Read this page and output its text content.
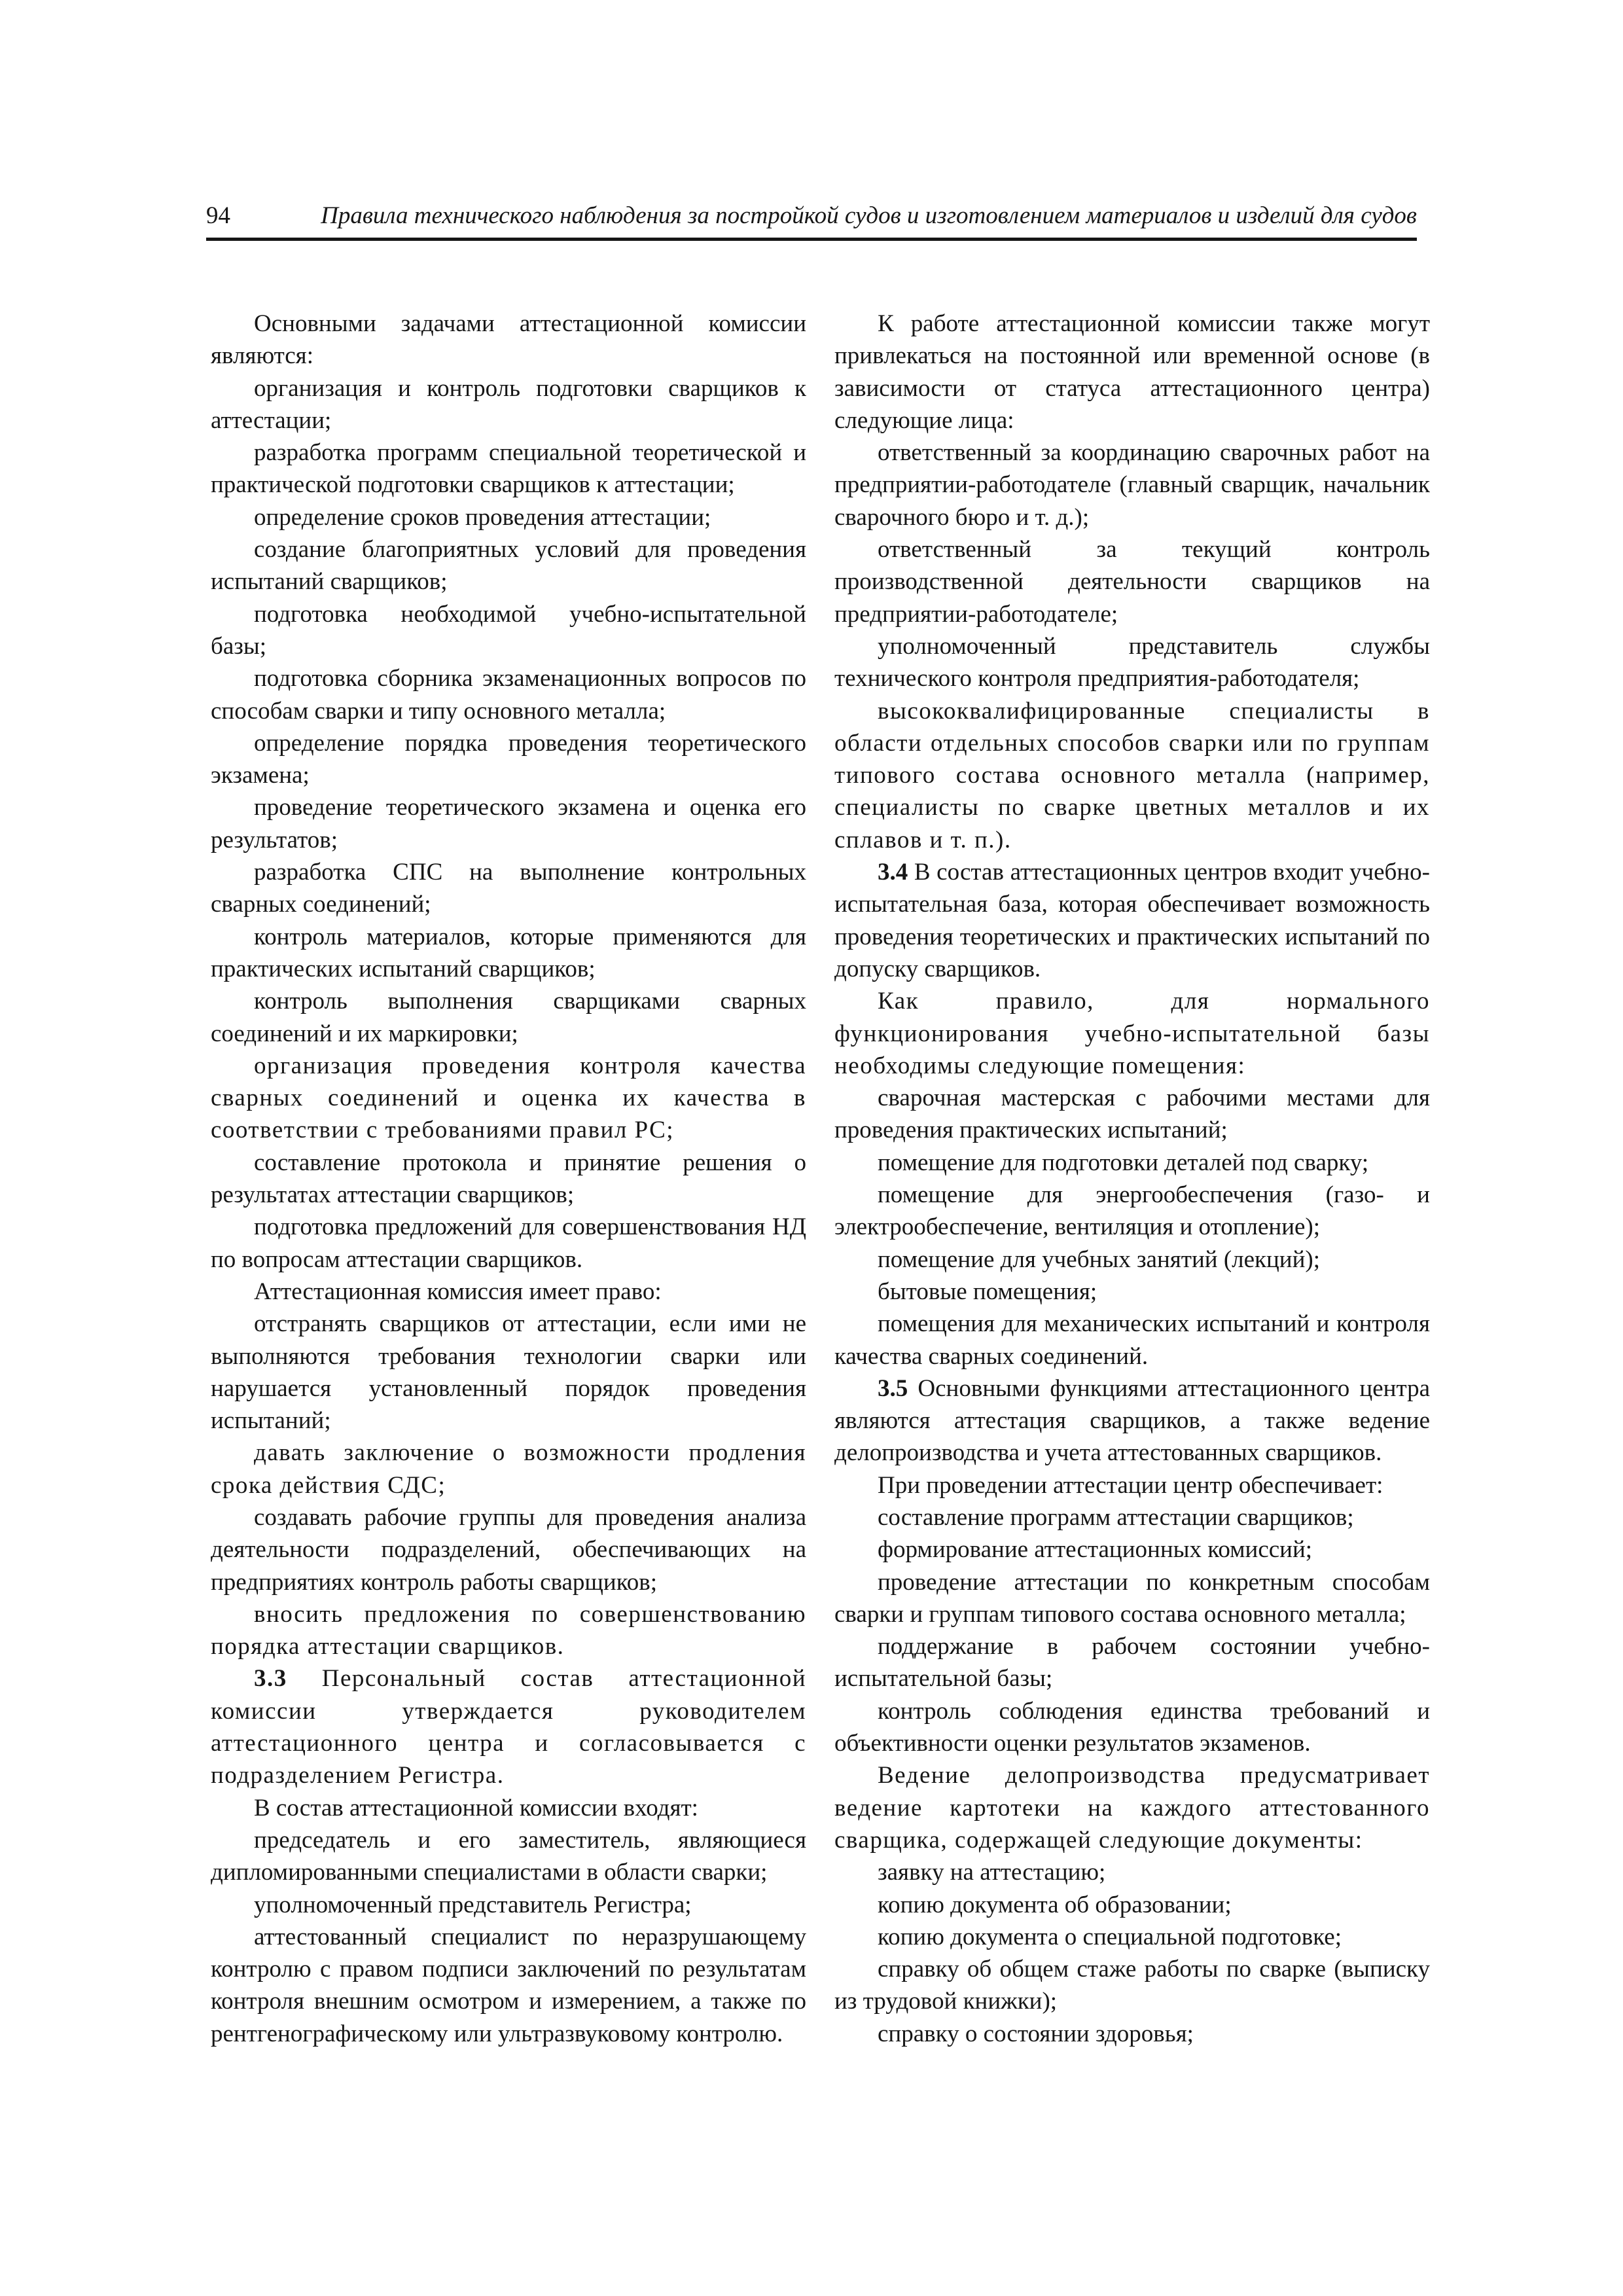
94	Правила технического наблюдения за постройкой судов и изготовлением материалов и изделий для судов

Основными задачами аттестационной комиссии являются:

организация и контроль подготовки сварщиков к аттестации;

разработка программ специальной теоретической и практической подготовки сварщиков к аттестации;

определение сроков проведения аттестации;

создание благоприятных условий для проведения испытаний сварщиков;

подготовка необходимой учебно-испытательной базы;

подготовка сборника экзаменационных вопросов по способам сварки и типу основного металла;

определение порядка проведения теоретического экзамена;

проведение теоретического экзамена и оценка его результатов;

разработка СПС на выполнение контрольных сварных соединений;

контроль материалов, которые применяются для практических испытаний сварщиков;

контроль выполнения сварщиками сварных соединений и их маркировки;

организация проведения контроля качества сварных соединений и оценка их качества в соответствии с требованиями правил РС;

составление протокола и принятие решения о результатах аттестации сварщиков;

подготовка предложений для совершенствования НД по вопросам аттестации сварщиков.

Аттестационная комиссия имеет право:

отстранять сварщиков от аттестации, если ими не выполняются требования технологии сварки или нарушается установленный порядок проведения испытаний;

давать заключение о возможности продления срока действия СДС;

создавать рабочие группы для проведения анализа деятельности подразделений, обеспечивающих на предприятиях контроль работы сварщиков;

вносить предложения по совершенствованию порядка аттестации сварщиков.

3.3 Персональный состав аттестационной комиссии утверждается руководителем аттестационного центра и согласовывается с подразделением Регистра.

В состав аттестационной комиссии входят:

председатель и его заместитель, являющиеся дипломированными специалистами в области сварки;

уполномоченный представитель Регистра;

аттестованный специалист по неразрушающему контролю с правом подписи заключений по результатам контроля внешним осмотром и измерением, а также по рентгенографическому или ультразвуковому контролю.

К работе аттестационной комиссии также могут привлекаться на постоянной или временной основе (в зависимости от статуса аттестационного центра) следующие лица:

ответственный за координацию сварочных работ на предприятии-работодателе (главный сварщик, начальник сварочного бюро и т. д.);

ответственный за текущий контроль производственной деятельности сварщиков на предприятии-работодателе;

уполномоченный представитель службы технического контроля предприятия-работодателя;

высококвалифицированные специалисты в области отдельных способов сварки или по группам типового состава основного металла (например, специалисты по сварке цветных металлов и их сплавов и т. п.).

3.4 В состав аттестационных центров входит учебно-испытательная база, которая обеспечивает возможность проведения теоретических и практических испытаний по допуску сварщиков.

Как правило, для нормального функционирования учебно-испытательной базы необходимы следующие помещения:

сварочная мастерская с рабочими местами для проведения практических испытаний;

помещение для подготовки деталей под сварку;

помещение для энергообеспечения (газо- и электрообеспечение, вентиляция и отопление);

помещение для учебных занятий (лекций);

бытовые помещения;

помещения для механических испытаний и контроля качества сварных соединений.

3.5 Основными функциями аттестационного центра являются аттестация сварщиков, а также ведение делопроизводства и учета аттестованных сварщиков.

При проведении аттестации центр обеспечивает:

составление программ аттестации сварщиков;

формирование аттестационных комиссий;

проведение аттестации по конкретным способам сварки и группам типового состава основного металла;

поддержание в рабочем состоянии учебно-испытательной базы;

контроль соблюдения единства требований и объективности оценки результатов экзаменов.

Ведение делопроизводства предусматривает ведение картотеки на каждого аттестованного сварщика, содержащей следующие документы:

заявку на аттестацию;

копию документа об образовании;

копию документа о специальной подготовке;

справку об общем стаже работы по сварке (выписку из трудовой книжки);

справку о состоянии здоровья;
